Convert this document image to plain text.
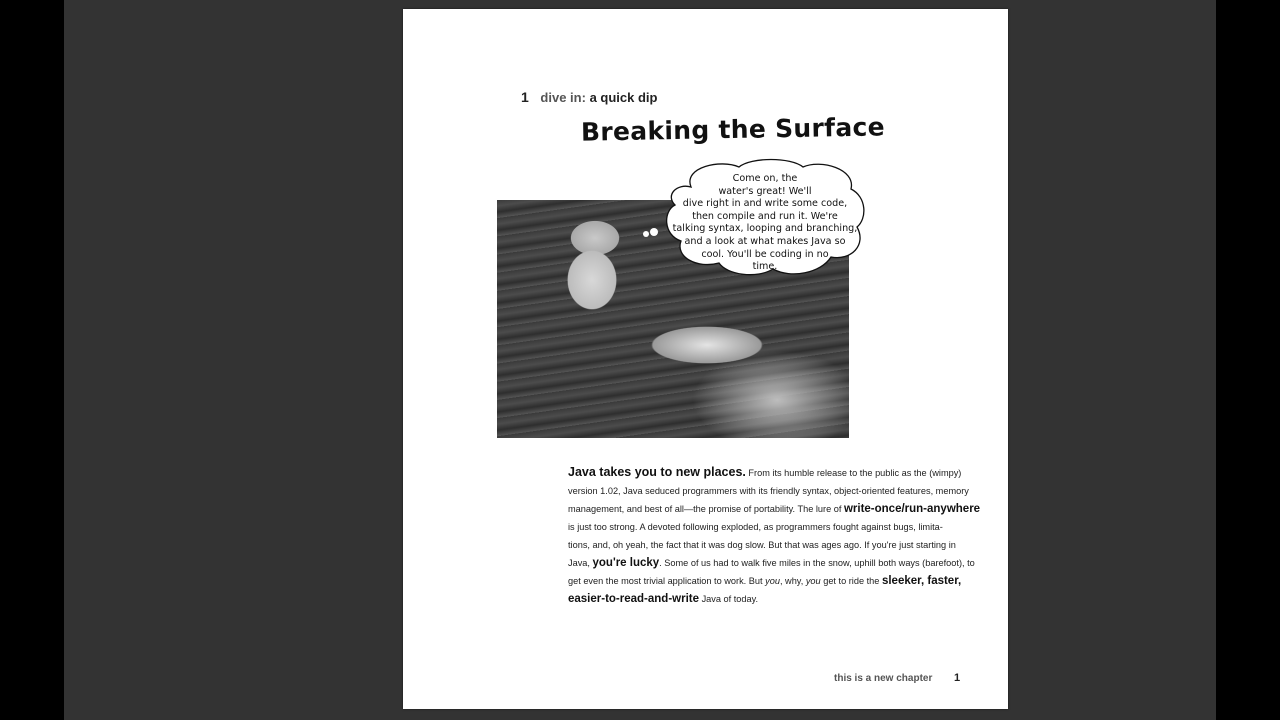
1 dive in: a quick dip
Breaking the Surface
Come on, the
water's great! We'll
dive right in and write some code,
then compile and run it. We're
talking syntax, looping and branching,
and a look at what makes Java so
cool. You'll be coding in no
time.
Java takes you to new places. From its humble release to the public as the (wimpy)
version 1.02, Java seduced programmers with its friendly syntax, object-oriented features, memory
management, and best of all—the promise of portability. The lure of write-once/run-anywhere
is just too strong. A devoted following exploded, as programmers fought against bugs, limita-
tions, and, oh yeah, the fact that it was dog slow. But that was ages ago. If you're just starting in
Java, you're lucky. Some of us had to walk five miles in the snow, uphill both ways (barefoot), to
get even the most trivial application to work. But you, why, you get to ride the sleeker, faster,
easier-to-read-and-write Java of today.
this is a new chapter 1
